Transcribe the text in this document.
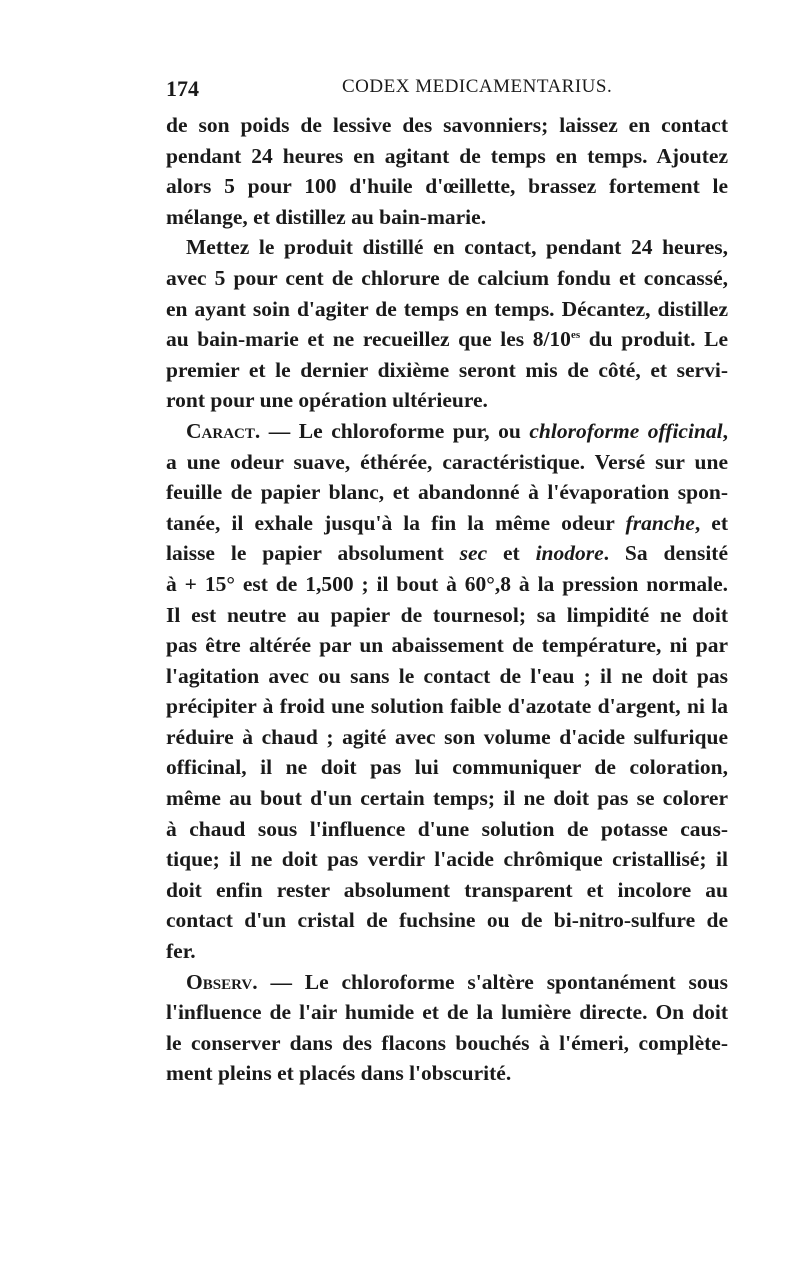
174	CODEX MEDICAMENTARIUS.
de son poids de lessive des savonniers; laissez en contact
pendant 24 heures en agitant de temps en temps. Ajoutez
alors 5 pour 100 d'huile d'œillette, brassez fortement le
mélange, et distillez au bain-marie.
Mettez le produit distillé en contact, pendant 24 heures,
avec 5 pour cent de chlorure de calcium fondu et concassé,
en ayant soin d'agiter de temps en temps. Décantez, distillez
au bain-marie et ne recueillez que les $8/10^{es}$ du produit. Le
premier et le dernier dixième seront mis de côté, et servi-
ront pour une opération ultérieure.
Caract. — Le chloroforme pur, ou chloroforme officinal,
a une odeur suave, éthérée, caractéristique. Versé sur une
feuille de papier blanc, et abandonné à l'évaporation spon-
tanée, il exhale jusqu'à la fin la même odeur franche, et
laisse le papier absolument sec et inodore. Sa densité
à + 15° est de 1,500 ; il bout à 60°,8 à la pression normale.
Il est neutre au papier de tournesol; sa limpidité ne doit
pas être altérée par un abaissement de température, ni par
l'agitation avec ou sans le contact de l'eau ; il ne doit pas
précipiter à froid une solution faible d'azotate d'argent, ni la
réduire à chaud ; agité avec son volume d'acide sulfurique
officinal, il ne doit pas lui communiquer de coloration,
même au bout d'un certain temps; il ne doit pas se colorer
à chaud sous l'influence d'une solution de potasse caus-
tique; il ne doit pas verdir l'acide chrômique cristallisé; il
doit enfin rester absolument transparent et incolore au
contact d'un cristal de fuchsine ou de bi-nitro-sulfure de
fer.
Observ. — Le chloroforme s'altère spontanément sous
l'influence de l'air humide et de la lumière directe. On doit
le conserver dans des flacons bouchés à l'émeri, complète-
ment pleins et placés dans l'obscurité.
